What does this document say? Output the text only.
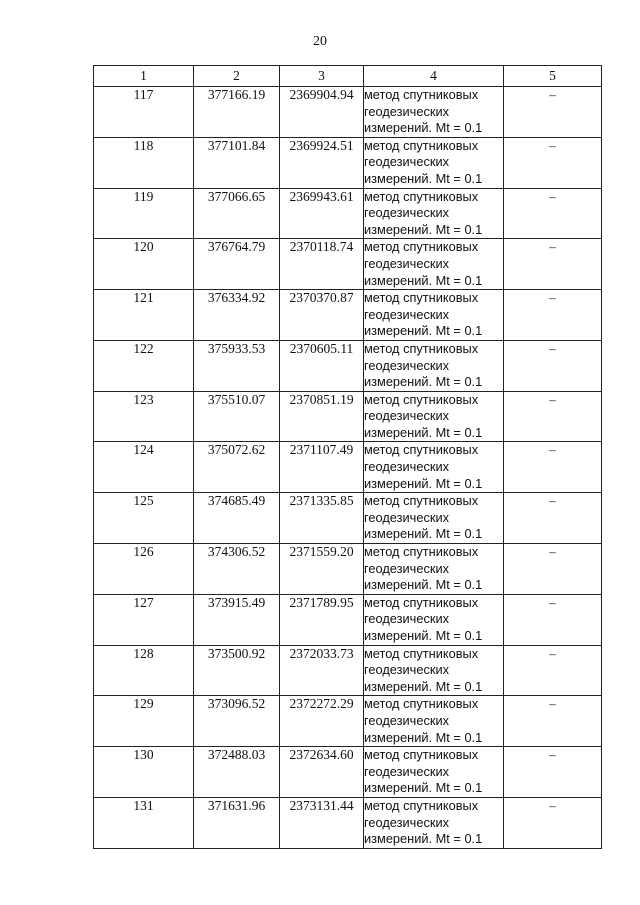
20
1	2	3	4	5
117	377166.19	2369904.94	метод спутниковых геодезических измерений. Mt = 0.1	–
118	377101.84	2369924.51	метод спутниковых геодезических измерений. Mt = 0.1	–
119	377066.65	2369943.61	метод спутниковых геодезических измерений. Mt = 0.1	–
120	376764.79	2370118.74	метод спутниковых геодезических измерений. Mt = 0.1	–
121	376334.92	2370370.87	метод спутниковых геодезических измерений. Mt = 0.1	–
122	375933.53	2370605.11	метод спутниковых геодезических измерений. Mt = 0.1	–
123	375510.07	2370851.19	метод спутниковых геодезических измерений. Mt = 0.1	–
124	375072.62	2371107.49	метод спутниковых геодезических измерений. Mt = 0.1	–
125	374685.49	2371335.85	метод спутниковых геодезических измерений. Mt = 0.1	–
126	374306.52	2371559.20	метод спутниковых геодезических измерений. Mt = 0.1	–
127	373915.49	2371789.95	метод спутниковых геодезических измерений. Mt = 0.1	–
128	373500.92	2372033.73	метод спутниковых геодезических измерений. Mt = 0.1	–
129	373096.52	2372272.29	метод спутниковых геодезических измерений. Mt = 0.1	–
130	372488.03	2372634.60	метод спутниковых геодезических измерений. Mt = 0.1	–
131	371631.96	2373131.44	метод спутниковых геодезических измерений. Mt = 0.1	–
